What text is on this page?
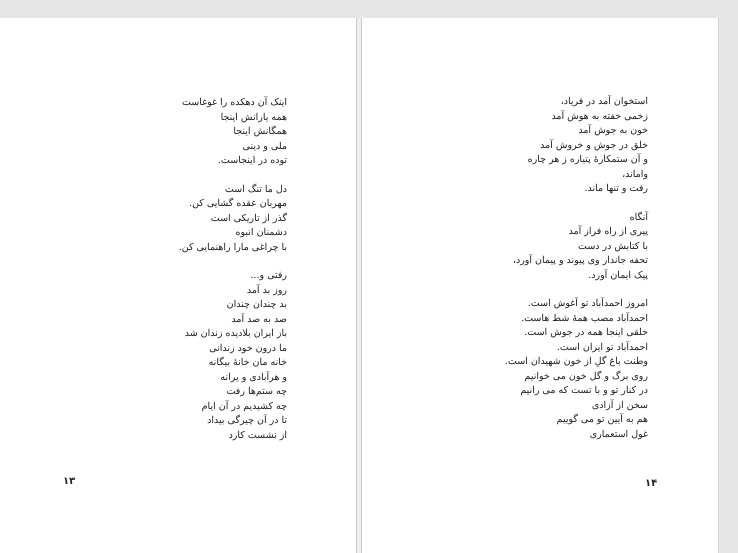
اینک آن دهکده را غوغاست
همه یارانش اینجا
همگانش اینجا
ملی و دینی
توده در اینجاست.
دل ما تنگ است
مهربان عقده گشایی کن.
گذر از تاریکی است
دشمنان انبوه
با چراغی مارا راهنمایی کن.
رفتی و...
روز بد آمد
بد چندان چندان
صد به صد آمد
باز ایران بلادیده زندان شد
ما درون خود زندانی
خانه مان خانهٔ بیگانه
و هرآبادی و یرانه
چه ستم‌ها رفت
چه کشیدیم در آن ایام
تا در آن چیرگی بیداد
از نشست کارد
۱۳
استخوان آمد در فریاد،
زخمی خفته به هوش آمد
خون به جوش آمد
خلق در جوش و خروش آمد
و آن ستمکارهٔ پتیاره ز هر چاره
واماند،
رفت و تنها ماند.
آنگاه
پیری از راه فراز آمد
با کتابش در دست
تحفه جاندار وی پیوند و پیمان آورد،
پیک ایمان آورد.
امروز احمدآباد تو آغوش است.
احمدآباد مصب همهٔ شط هاست.
خلقی اینجا همه در جوش است.
احمدآباد تو ایران است.
وطنت باغ گلِ از خون شهیدان است.
روی برگ و گل خون می خوانیم
در کنار تو و با تست که می رانیم
سخن از آزادی
هم به آیین تو می گوییم
غول استعماری
۱۴
